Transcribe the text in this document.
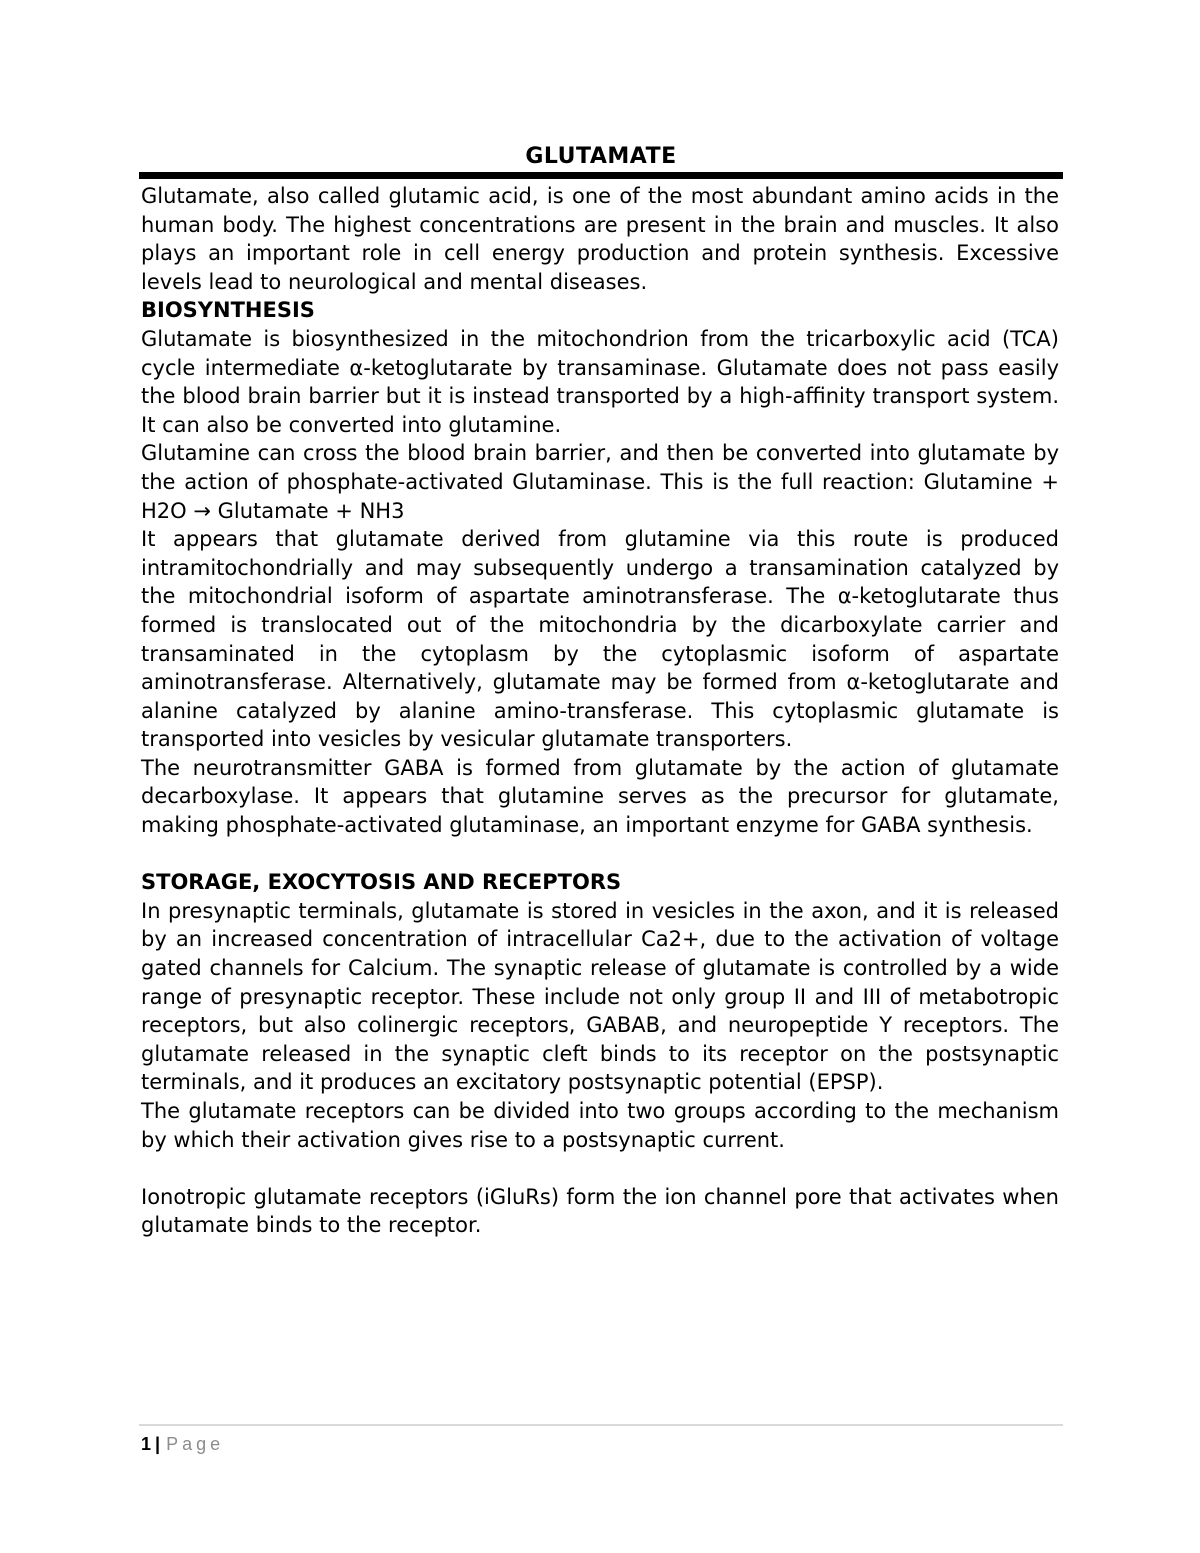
GLUTAMATE

Glutamate, also called glutamic acid, is one of the most abundant amino acids in the human body. The highest concentrations are present in the brain and muscles. It also plays an important role in cell energy production and protein synthesis. Excessive levels lead to neurological and mental diseases.

BIOSYNTHESIS

Glutamate is biosynthesized in the mitochondrion from the tricarboxylic acid (TCA) cycle intermediate α-ketoglutarate by transaminase. Glutamate does not pass easily the blood brain barrier but it is instead transported by a high-affinity transport system. It can also be converted into glutamine.

Glutamine can cross the blood brain barrier, and then be converted into glutamate by the action of phosphate-activated Glutaminase. This is the full reaction: Glutamine + H2O → Glutamate + NH3

It appears that glutamate derived from glutamine via this route is produced intramitochondrially and may subsequently undergo a transamination catalyzed by the mitochondrial isoform of aspartate aminotransferase. The α-ketoglutarate thus formed is translocated out of the mitochondria by the dicarboxylate carrier and transaminated in the cytoplasm by the cytoplasmic isoform of aspartate aminotransferase. Alternatively, glutamate may be formed from α-ketoglutarate and alanine catalyzed by alanine amino-transferase. This cytoplasmic glutamate is transported into vesicles by vesicular glutamate transporters.

The neurotransmitter GABA is formed from glutamate by the action of glutamate decarboxylase. It appears that glutamine serves as the precursor for glutamate, making phosphate-activated glutaminase, an important enzyme for GABA synthesis.

STORAGE, EXOCYTOSIS AND RECEPTORS

In presynaptic terminals, glutamate is stored in vesicles in the axon, and it is released by an increased concentration of intracellular Ca2+, due to the activation of voltage gated channels for Calcium. The synaptic release of glutamate is controlled by a wide range of presynaptic receptor. These include not only group II and III of metabotropic receptors, but also colinergic receptors, GABAB, and neuropeptide Y receptors. The glutamate released in the synaptic cleft binds to its receptor on the postsynaptic terminals, and it produces an excitatory postsynaptic potential (EPSP).

The glutamate receptors can be divided into two groups according to the mechanism by which their activation gives rise to a postsynaptic current.

Ionotropic glutamate receptors (iGluRs) form the ion channel pore that activates when glutamate binds to the receptor.

1 | Page
